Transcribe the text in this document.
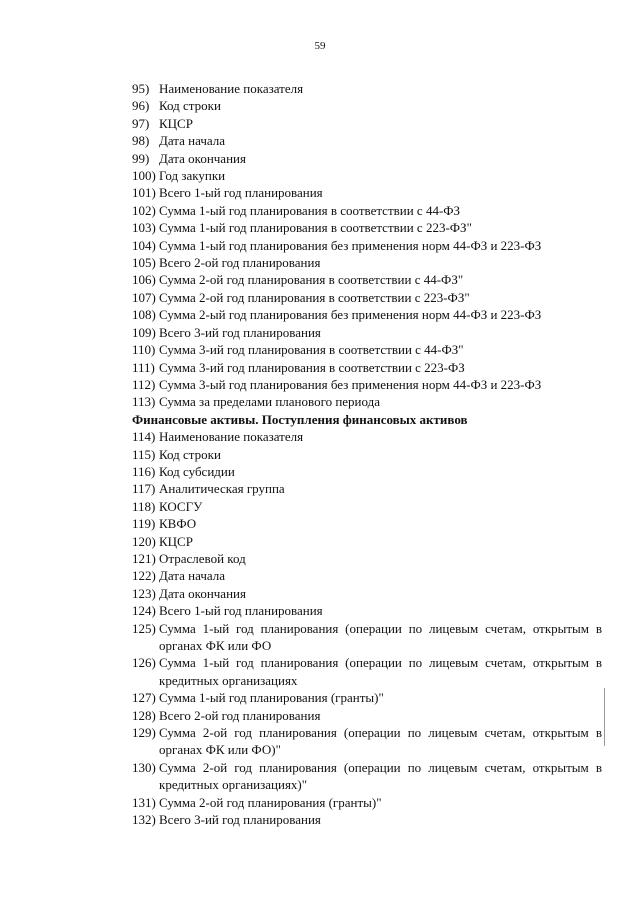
59
95) Наименование показателя
96) Код строки
97) КЦСР
98) Дата начала
99) Дата окончания
100) Год закупки
101) Всего 1-ый год планирования
102) Сумма 1-ый год планирования в соответствии с 44-ФЗ
103) Сумма 1-ый год планирования в соответствии с 223-ФЗ"
104) Сумма 1-ый год планирования без применения норм 44-ФЗ и 223-ФЗ
105) Всего 2-ой год планирования
106) Сумма 2-ой год планирования в соответствии с 44-ФЗ"
107) Сумма 2-ой год планирования в соответствии с 223-ФЗ"
108) Сумма 2-ый год планирования без применения норм 44-ФЗ и 223-ФЗ
109) Всего 3-ий год планирования
110) Сумма 3-ий год планирования в соответствии с 44-ФЗ"
111) Сумма 3-ий год планирования в соответствии с 223-ФЗ
112) Сумма 3-ый год планирования без применения норм 44-ФЗ и 223-ФЗ
113) Сумма за пределами планового периода
Финансовые активы. Поступления финансовых активов
114) Наименование показателя
115) Код строки
116) Код субсидии
117) Аналитическая группа
118) КОСГУ
119) КВФО
120) КЦСР
121) Отраслевой код
122) Дата начала
123) Дата окончания
124) Всего 1-ый год планирования
125) Сумма 1-ый год планирования (операции по лицевым счетам, открытым в органах ФК или ФО
126) Сумма 1-ый год планирования (операции по лицевым счетам, открытым в кредитных организациях
127) Сумма 1-ый год планирования (гранты)"
128) Всего 2-ой год планирования
129) Сумма 2-ой год планирования (операции по лицевым счетам, открытым в органах ФК или ФО)"
130) Сумма 2-ой год планирования (операции по лицевым счетам, открытым в кредитных организациях)"
131) Сумма 2-ой год планирования (гранты)"
132) Всего 3-ий год планирования
